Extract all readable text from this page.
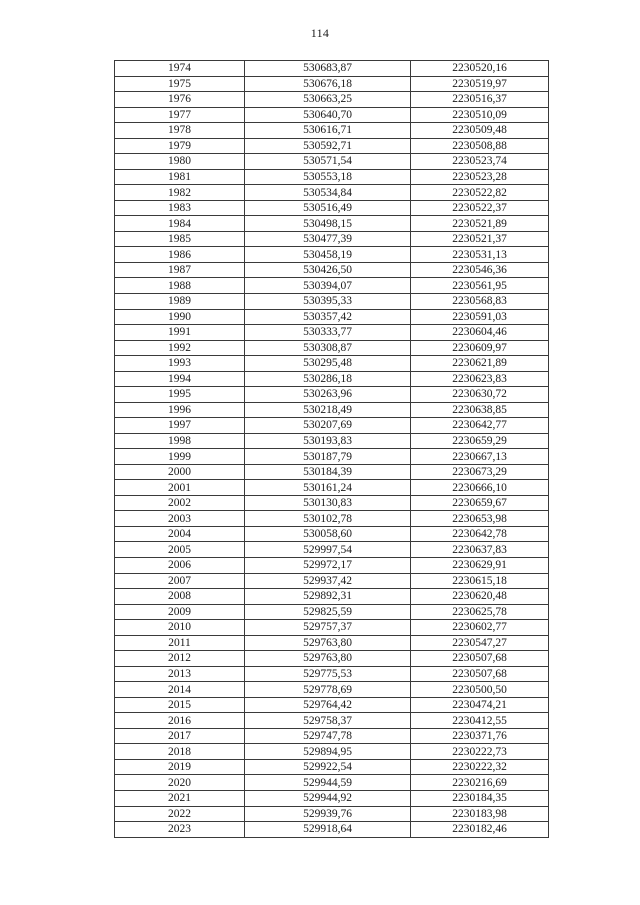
114
1974	530683,87	2230520,16
1975	530676,18	2230519,97
1976	530663,25	2230516,37
1977	530640,70	2230510,09
1978	530616,71	2230509,48
1979	530592,71	2230508,88
1980	530571,54	2230523,74
1981	530553,18	2230523,28
1982	530534,84	2230522,82
1983	530516,49	2230522,37
1984	530498,15	2230521,89
1985	530477,39	2230521,37
1986	530458,19	2230531,13
1987	530426,50	2230546,36
1988	530394,07	2230561,95
1989	530395,33	2230568,83
1990	530357,42	2230591,03
1991	530333,77	2230604,46
1992	530308,87	2230609,97
1993	530295,48	2230621,89
1994	530286,18	2230623,83
1995	530263,96	2230630,72
1996	530218,49	2230638,85
1997	530207,69	2230642,77
1998	530193,83	2230659,29
1999	530187,79	2230667,13
2000	530184,39	2230673,29
2001	530161,24	2230666,10
2002	530130,83	2230659,67
2003	530102,78	2230653,98
2004	530058,60	2230642,78
2005	529997,54	2230637,83
2006	529972,17	2230629,91
2007	529937,42	2230615,18
2008	529892,31	2230620,48
2009	529825,59	2230625,78
2010	529757,37	2230602,77
2011	529763,80	2230547,27
2012	529763,80	2230507,68
2013	529775,53	2230507,68
2014	529778,69	2230500,50
2015	529764,42	2230474,21
2016	529758,37	2230412,55
2017	529747,78	2230371,76
2018	529894,95	2230222,73
2019	529922,54	2230222,32
2020	529944,59	2230216,69
2021	529944,92	2230184,35
2022	529939,76	2230183,98
2023	529918,64	2230182,46
